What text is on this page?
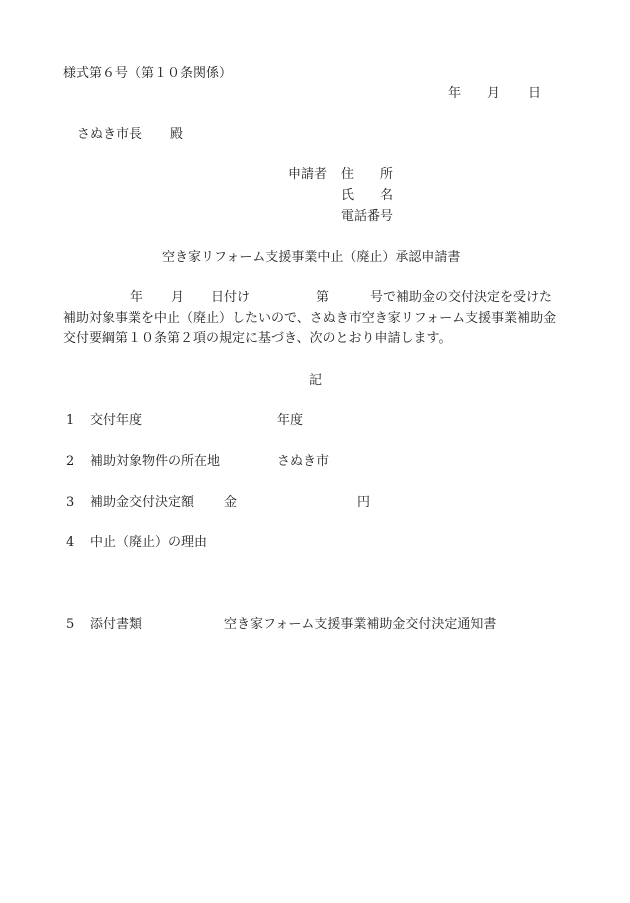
様式第６号（第１０条関係）
年 月 日
さぬき市長 殿
申請者 住 所
氏 名
電話番号
空き家リフォーム支援事業中止（廃止）承認申請書
年 月 日付け	第	号で補助金の交付決定を受けた
補助対象事業を中止（廃止）したいので、さぬき市空き家リフォーム支援事業補助金
交付要綱第１０条第２項の規定に基づき、次のとおり申請します。
記
1 交付年度	年度
2 補助対象物件の所在地	さぬき市
3 補助金交付決定額 金	円
4 中止（廃止）の理由
5 添付書類	空き家フォーム支援事業補助金交付決定通知書
